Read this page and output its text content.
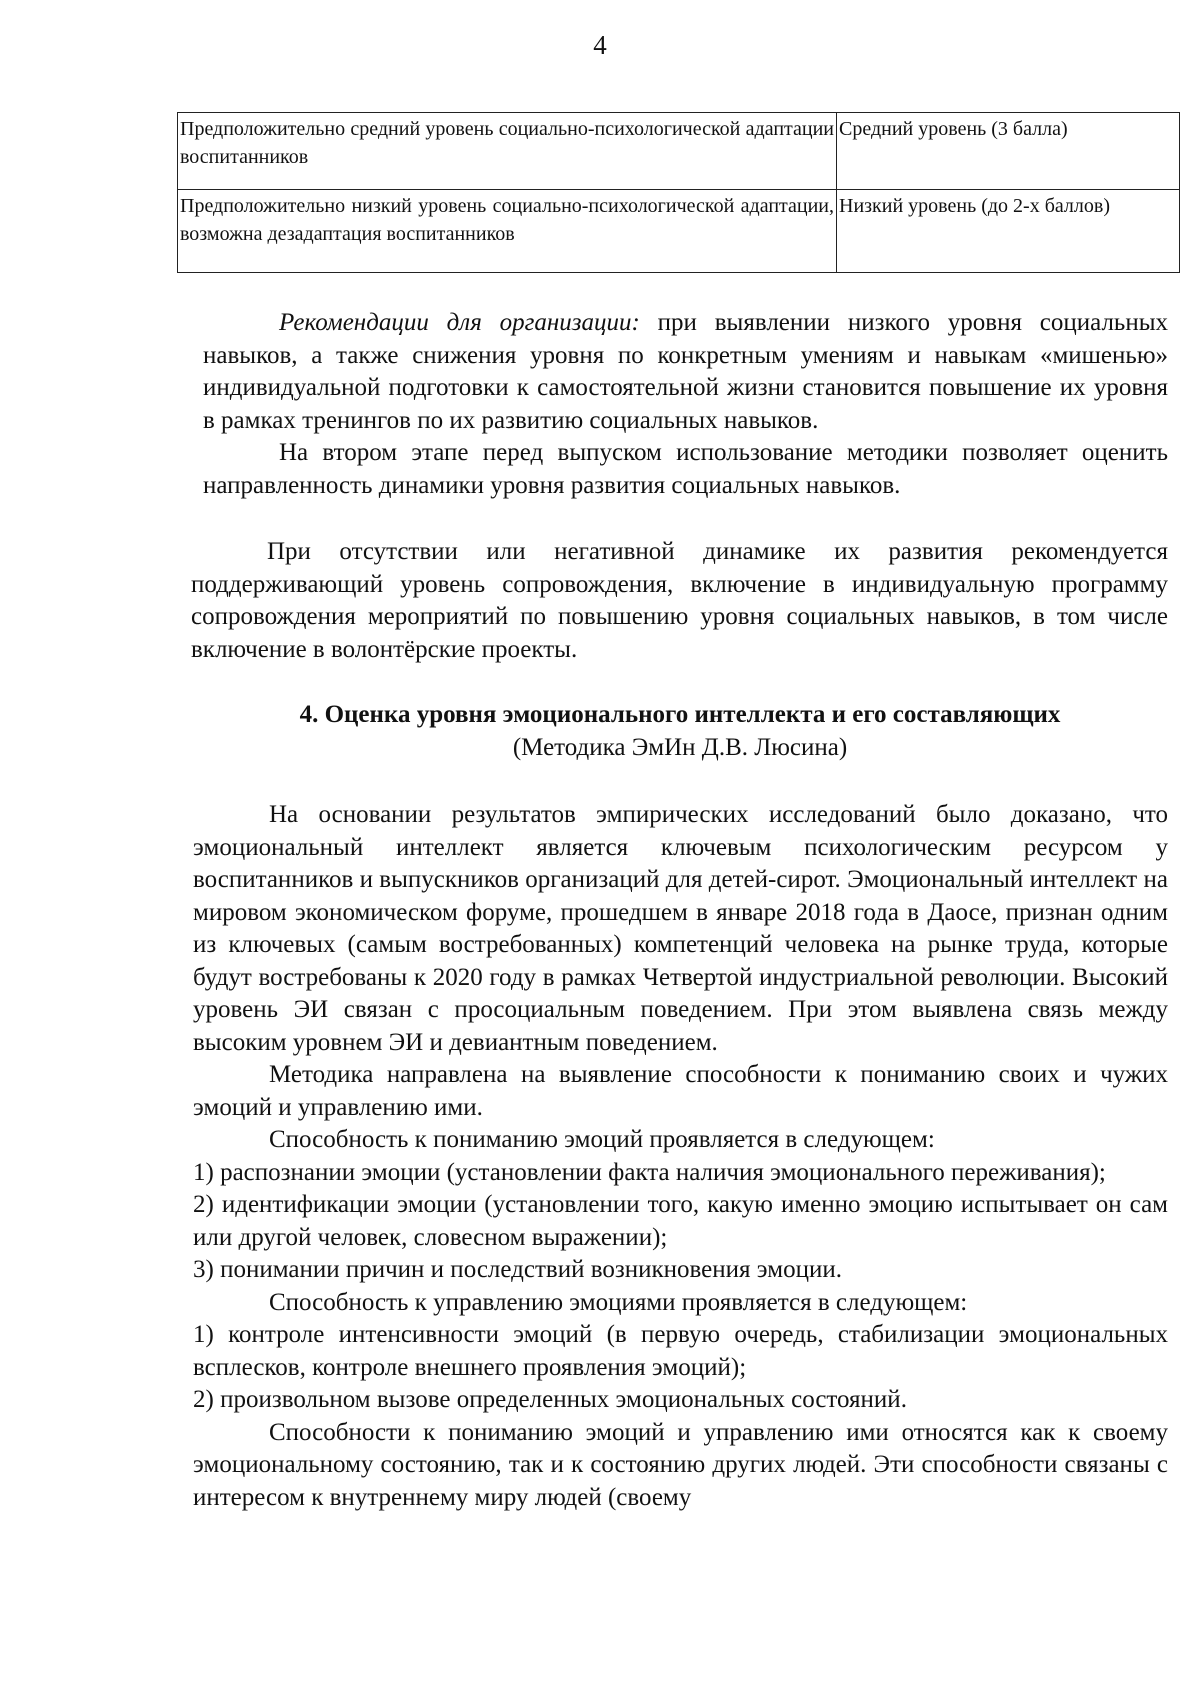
4
Предположительно средний уровень социально-психологической адаптации воспитанников	Средний уровень (3 балла)
Предположительно низкий уровень социально-психологической адаптации, возможна дезадаптация воспитанников	Низкий уровень (до 2-х баллов)

Рекомендации для организации: при выявлении низкого уровня социальных навыков, а также снижения уровня по конкретным умениям и навыкам «мишенью» индивидуальной подготовки к самостоятельной жизни становится повышение их уровня в рамках тренингов по их развитию социальных навыков.

На втором этапе перед выпуском использование методики позволяет оценить направленность динамики уровня развития социальных навыков.

При отсутствии или негативной динамике их развития рекомендуется поддерживающий уровень сопровождения, включение в индивидуальную программу сопровождения мероприятий по повышению уровня социальных навыков, в том числе включение в волонтёрские проекты.

4. Оценка уровня эмоционального интеллекта и его составляющих
(Методика ЭмИн Д.В. Люсина)

На основании результатов эмпирических исследований было доказано, что эмоциональный интеллект является ключевым психологическим ресурсом у воспитанников и выпускников организаций для детей-сирот. Эмоциональный интеллект на мировом экономическом форуме, прошедшем в январе 2018 года в Даосе, признан одним из ключевых (самым востребованных) компетенций человека на рынке труда, которые будут востребованы к 2020 году в рамках Четвертой индустриальной революции. Высокий уровень ЭИ связан с просоциальным поведением. При этом выявлена связь между высоким уровнем ЭИ и девиантным поведением.

Методика направлена на выявление способности к пониманию своих и чужих эмоций и управлению ими.

Способность к пониманию эмоций проявляется в следующем:

1) распознании эмоции (установлении факта наличия эмоционального переживания);

2) идентификации эмоции (установлении того, какую именно эмоцию испытывает он сам или другой человек, словесном выражении);

3) понимании причин и последствий возникновения эмоции.

Способность к управлению эмоциями проявляется в следующем:

1) контроле интенсивности эмоций (в первую очередь, стабилизации эмоциональных всплесков, контроле внешнего проявления эмоций);

2) произвольном вызове определенных эмоциональных состояний.

Способности к пониманию эмоций и управлению ими относятся как к своему эмоциональному состоянию, так и к состоянию других людей. Эти способности связаны с интересом к внутреннему миру людей (своему
